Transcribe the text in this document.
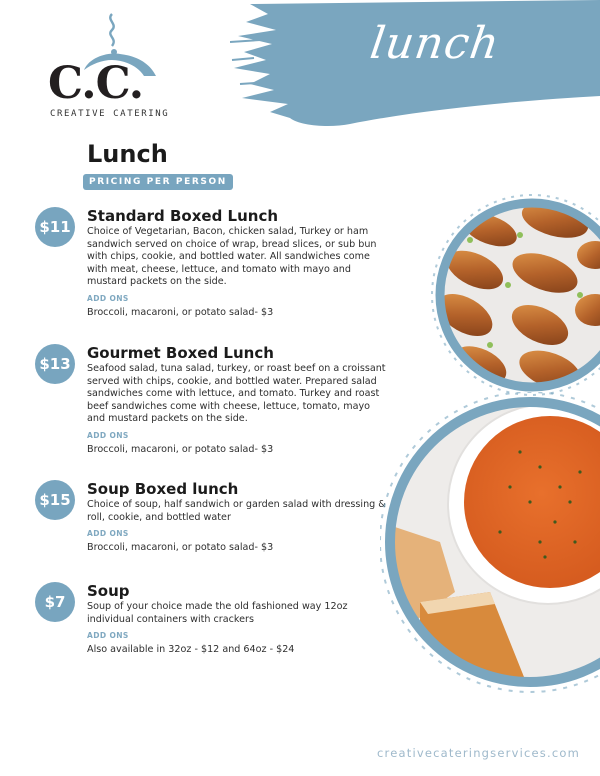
lunch
C.C.
CREATIVE CATERING
Lunch
PRICING PER PERSON
$11
Standard Boxed Lunch
Choice of Vegetarian, Bacon, chicken salad, Turkey or ham sandwich served on choice of wrap, bread slices, or sub bun with chips, cookie, and bottled water. All sandwiches come with meat, cheese, lettuce, and tomato with mayo and mustard packets on the side.
ADD ONS
Broccoli, macaroni, or potato salad- $3
$13
Gourmet Boxed Lunch
Seafood salad, tuna salad, turkey, or roast beef on a croissant served with chips, cookie, and bottled water. Prepared salad sandwiches come with lettuce, and tomato. Turkey and roast beef sandwiches come with cheese, lettuce, tomato, mayo and mustard packets on the side.
ADD ONS
Broccoli, macaroni, or potato salad- $3
$15
Soup Boxed lunch
Choice of soup, half sandwich or garden salad with dressing & roll, cookie, and bottled water
ADD ONS
Broccoli, macaroni, or potato salad- $3
$7
Soup
Soup of your choice made the old fashioned way 12oz individual containers with crackers
ADD ONS
Also available in 32oz - $12 and 64oz - $24
creativecateringservices.com
